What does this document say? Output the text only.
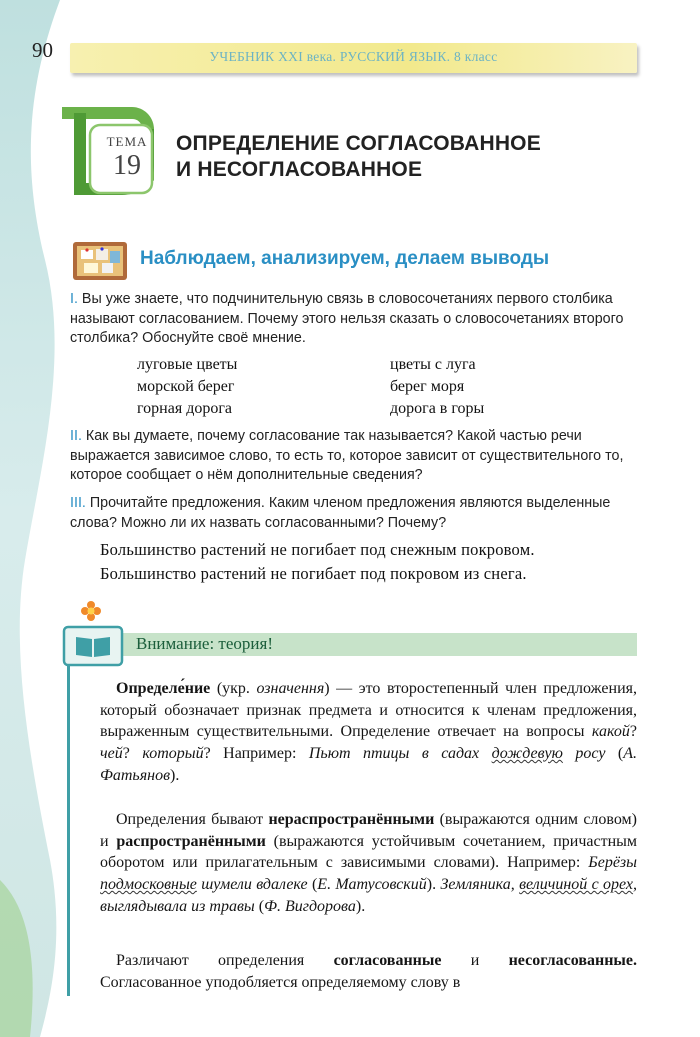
90	УЧЕБНИК XXI века. РУССКИЙ ЯЗЫК. 8 класс
ТЕМА
19
ОПРЕДЕЛЕНИЕ СОГЛАСОВАННОЕ
И НЕСОГЛАСОВАННОЕ
Наблюдаем, анализируем, делаем выводы

I. Вы уже знаете, что подчинительную связь в словосочетаниях первого столбика называют согласованием. Почему этого нельзя сказать о словосочетаниях второго столбика? Обоснуйте своё мнение.

луговые цветы
морской берег
горная дорога
цветы с луга
берег моря
дорога в горы

II. Как вы думаете, почему согласование так называется? Какой частью речи выражается зависимое слово, то есть то, которое зависит от существительного то, которое сообщает о нём дополнительные сведения?

III. Прочитайте предложения. Каким членом предложения являются выделенные слова? Можно ли их назвать согласованными? Почему?

Большинство растений не погибает под снежным покровом.
Большинство растений не погибает под покровом из снега.
Внимание: теория!

Определе́ние (укр. означення) — это второстепенный член предложения, который обозначает признак предмета и относится к членам предложения, выраженным существительными. Определение отвечает на вопросы какой? чей? который? Например: Пьют птицы в садах дождевую росу (А. Фатьянов).

Определения бывают нераспространёнными (выражаются одним словом) и распространёнными (выражаются устойчивым сочетанием, причастным оборотом или прилагательным с зависимыми словами). Например: Берёзы подмосковные шумели вдалеке (Е. Матусовский). Земляника, величиной с орех, выглядывала из травы (Ф. Вигдорова).

Различают определения согласованные и несогласованные. Согласованное уподобляется определяемому слову в
